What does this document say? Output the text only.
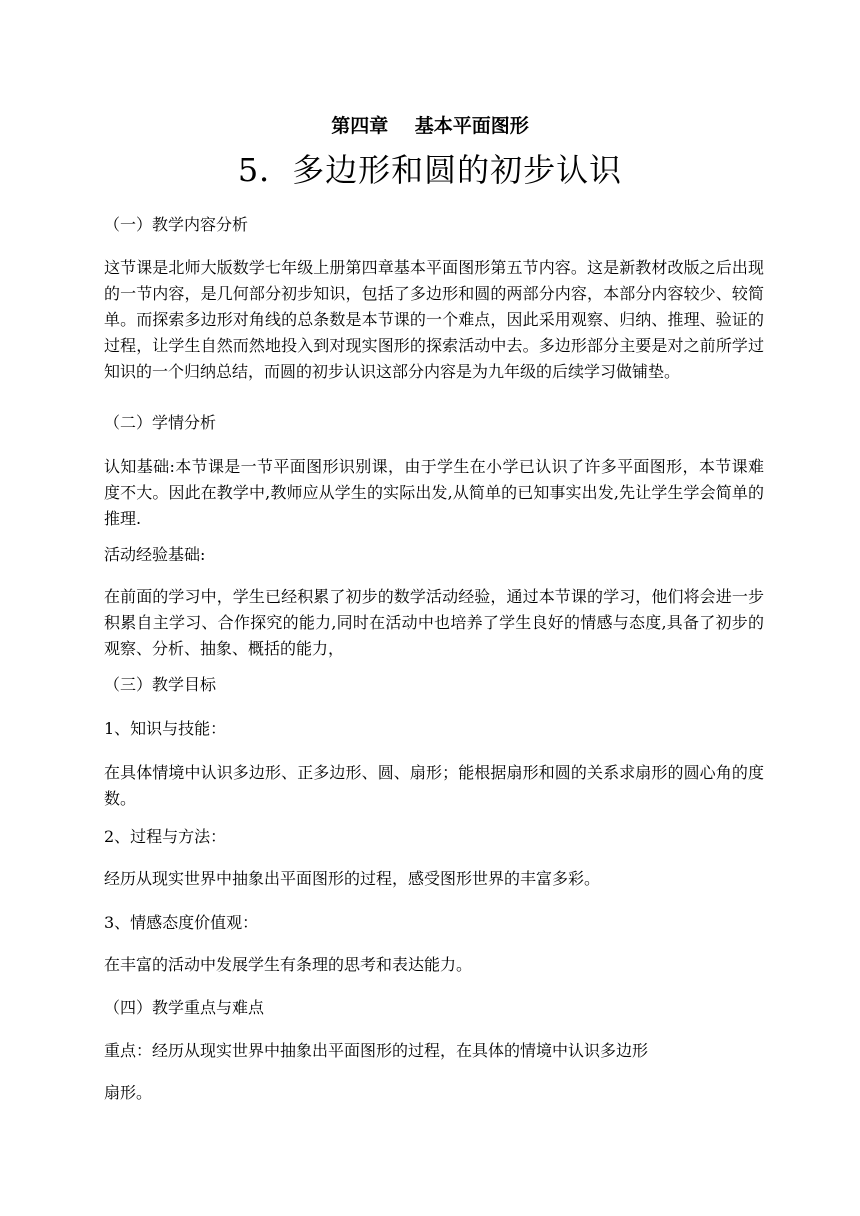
第四章    基本平面图形
5．多边形和圆的初步认识
（一）教学内容分析
这节课是北师大版数学七年级上册第四章基本平面图形第五节内容。这是新教材改版之后出现的一节内容，是几何部分初步知识，包括了多边形和圆的两部分内容，本部分内容较少、较简单。而探索多边形对角线的总条数是本节课的一个难点，因此采用观察、归纳、推理、验证的过程，让学生自然而然地投入到对现实图形的探索活动中去。多边形部分主要是对之前所学过知识的一个归纳总结，而圆的初步认识这部分内容是为九年级的后续学习做铺垫。
（二）学情分析
认知基础:本节课是一节平面图形识别课，由于学生在小学已认识了许多平面图形，本节课难度不大。因此在教学中,教师应从学生的实际出发,从简单的已知事实出发,先让学生学会简单的推理.
活动经验基础:
在前面的学习中，学生已经积累了初步的数学活动经验，通过本节课的学习，他们将会进一步积累自主学习、合作探究的能力,同时在活动中也培养了学生良好的情感与态度,具备了初步的观察、分析、抽象、概括的能力，
（三）教学目标
1、知识与技能：
在具体情境中认识多边形、正多边形、圆、扇形；能根据扇形和圆的关系求扇形的圆心角的度数。
2、过程与方法：
经历从现实世界中抽象出平面图形的过程，感受图形世界的丰富多彩。
3、情感态度价值观：
在丰富的活动中发展学生有条理的思考和表达能力。
（四）教学重点与难点
重点：经历从现实世界中抽象出平面图形的过程，在具体的情境中认识多边形
扇形。
